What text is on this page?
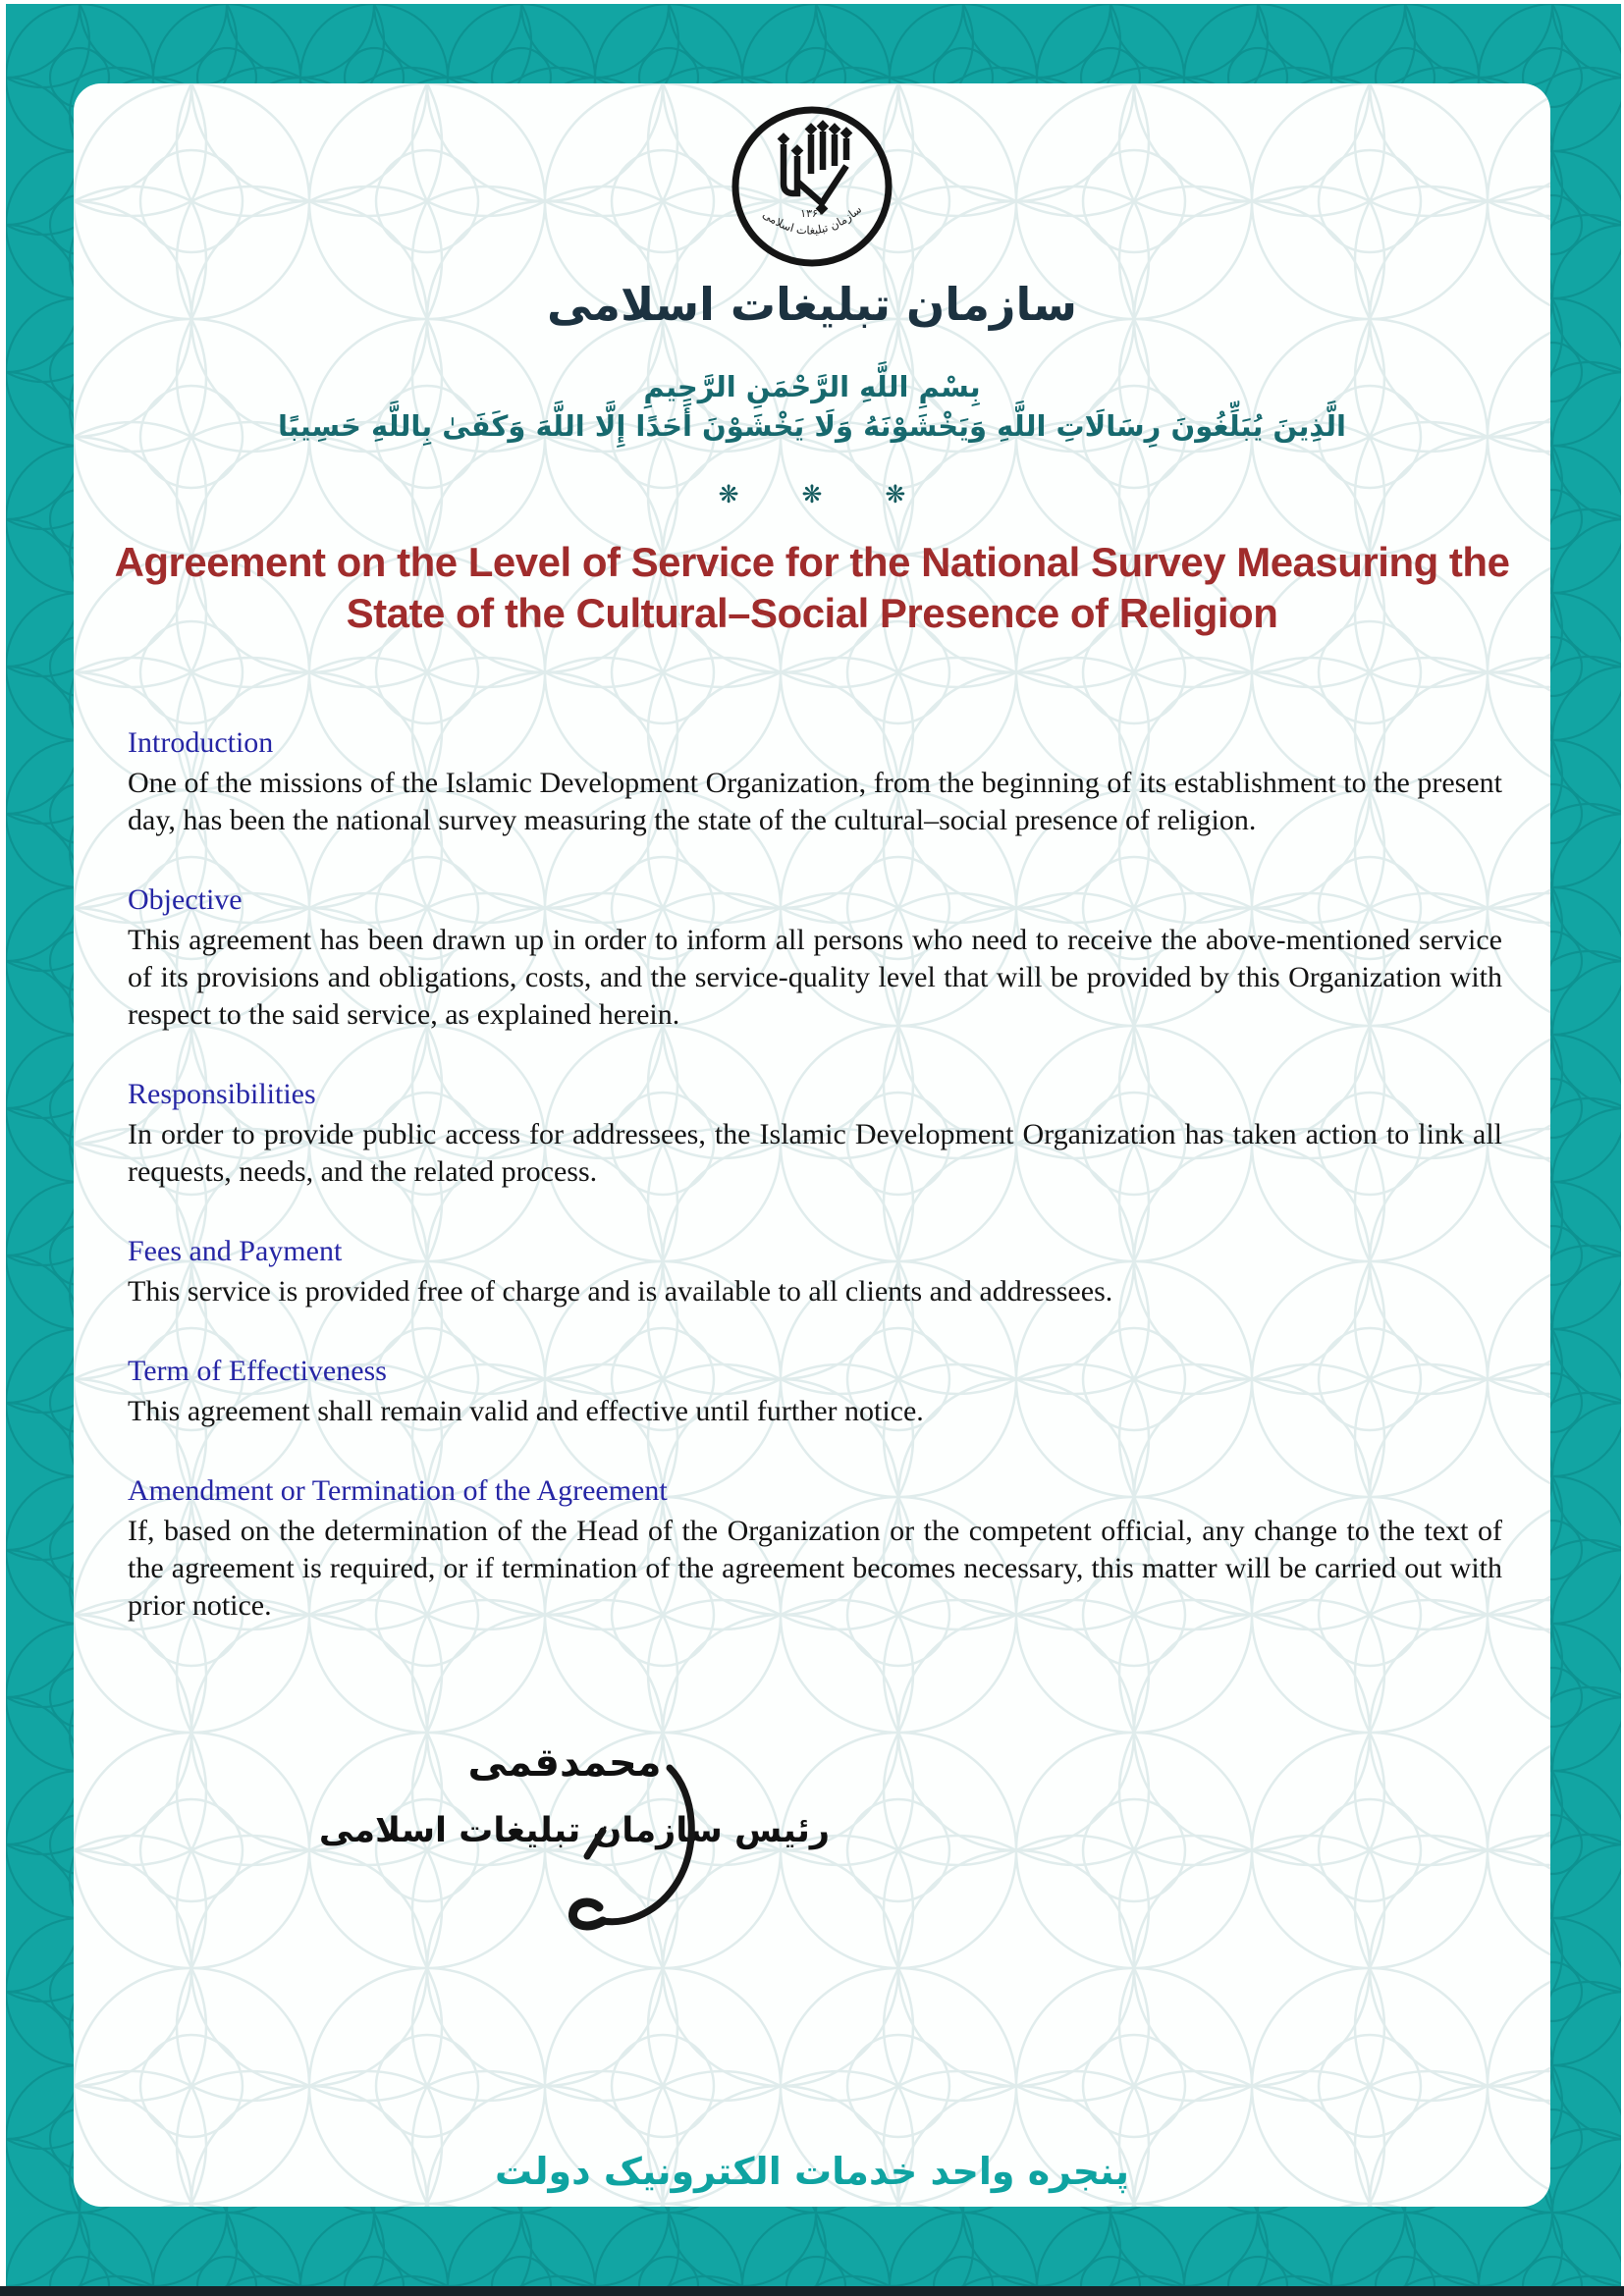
۱۳۶۰
سازمان تبلیغات اسلامی
سازمان تبلیغات اسلامی
بِسْمِ اللَّهِ الرَّحْمَنِ الرَّحِيمِ
الَّذِينَ يُبَلِّغُونَ رِسَالَاتِ اللَّهِ وَيَخْشَوْنَهُ وَلَا يَخْشَوْنَ أَحَدًا إِلَّا اللَّهَ وَكَفَىٰ بِاللَّهِ حَسِيبًا
❋ ❋ ❋
Agreement on the Level of Service for the National Survey Measuring the State of the Cultural–Social Presence of Religion
Introduction

One of the missions of the Islamic Development Organization, from the beginning of its establishment to the present day, has been the national survey measuring the state of the cultural–social presence of religion.

Objective

This agreement has been drawn up in order to inform all persons who need to receive the above-mentioned service of its provisions and obligations, costs, and the service-quality level that will be provided by this Organization with respect to the said service, as explained herein.

Responsibilities

In order to provide public access for addressees, the Islamic Development Organization has taken action to link all requests, needs, and the related process.

Fees and Payment

This service is provided free of charge and is available to all clients and addressees.

Term of Effectiveness

This agreement shall remain valid and effective until further notice.

Amendment or Termination of the Agreement

If, based on the determination of the Head of the Organization or the competent official, any change to the text of the agreement is required, or if termination of the agreement becomes necessary, this matter will be carried out with prior notice.

محمدقمی
رئیس سازمان تبلیغات اسلامی
پنجره واحد خدمات الکترونیک دولت
